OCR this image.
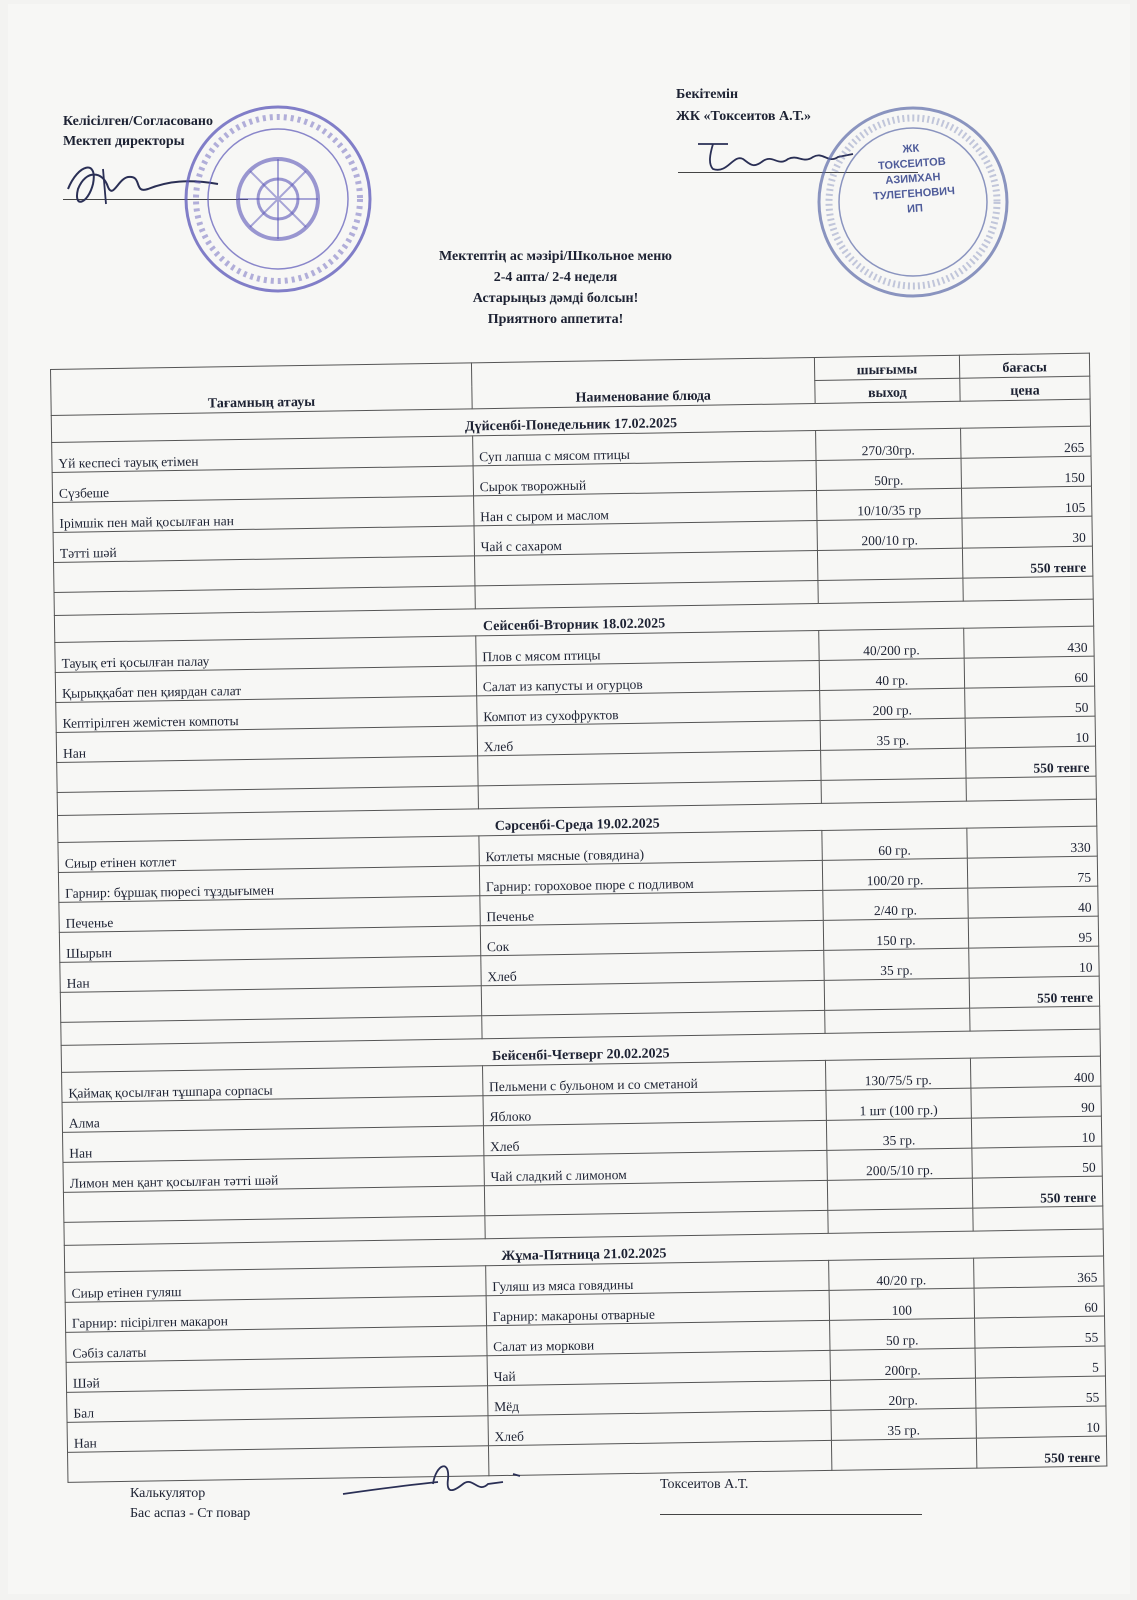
Келісілген/Согласовано
Мектеп директоры
Бекітемін
ЖК «Токсеитов А.Т.»
ЖК
ТОКСЕИТОВ
АЗИМХАН
ТУЛЕГЕНОВИЧ
ИП
Мектептің ас мәзірі/Школьное меню
2-4 апта/ 2-4 неделя
Астарыңыз дәмді болсын!
Приятного аппетита!
Тағамның атауы	Наименование блюда	шығымы	бағасы
		выход	цена
Дүйсенбі-Понедельник 17.02.2025			
Үй кеспесі тауық етімен	Суп лапша с мясом птицы	270/30гр.	265
Сүзбеше	Сырок творожный	50гр.	150
Ірімшік пен май қосылған нан	Нан с сыром и маслом	10/10/35 гр	105
Тәтті шәй	Чай с сахаром	200/10 гр.	30
			550 тенге

Сейсенбі-Вторник 18.02.2025			
Тауық еті қосылған палау	Плов с мясом птицы	40/200 гр.	430
Қырыққабат пен қиярдан салат	Салат из капусты и огурцов	40 гр.	60
Кептірілген жемістен компоты	Компот из сухофруктов	200 гр.	50
Нан	Хлеб	35 гр.	10
			550 тенге

Сәрсенбі-Среда 19.02.2025			
Сиыр етінен котлет	Котлеты мясные (говядина)	60 гр.	330
Гарнир: бұршақ пюресі тұздығымен	Гарнир: гороховое пюре с подливом	100/20 гр.	75
Печенье	Печенье	2/40 гр.	40
Шырын	Сок	150 гр.	95
Нан	Хлеб	35 гр.	10
			550 тенге

Бейсенбі-Четверг 20.02.2025			
Қаймақ қосылған тұшпара сорпасы	Пельмени с бульоном и со сметаной	130/75/5 гр.	400
Алма	Яблоко	1 шт (100 гр.)	90
Нан	Хлеб	35 гр.	10
Лимон мен қант қосылған тәтті шәй	Чай сладкий с лимоном	200/5/10 гр.	50
			550 тенге

Жұма-Пятница 21.02.2025			
Сиыр етінен гуляш	Гуляш из мяса говядины	40/20 гр.	365
Гарнир: пісірілген макарон	Гарнир: макароны отварные	100	60
Сәбіз салаты	Салат из моркови	50 гр.	55
Шәй	Чай	200гр.	5
Бал	Мёд	20гр.	55
Нан	Хлеб	35 гр.	10
			550 тенге
Калькулятор
Бас аспаз - Ст повар
Токсеитов А.Т.
